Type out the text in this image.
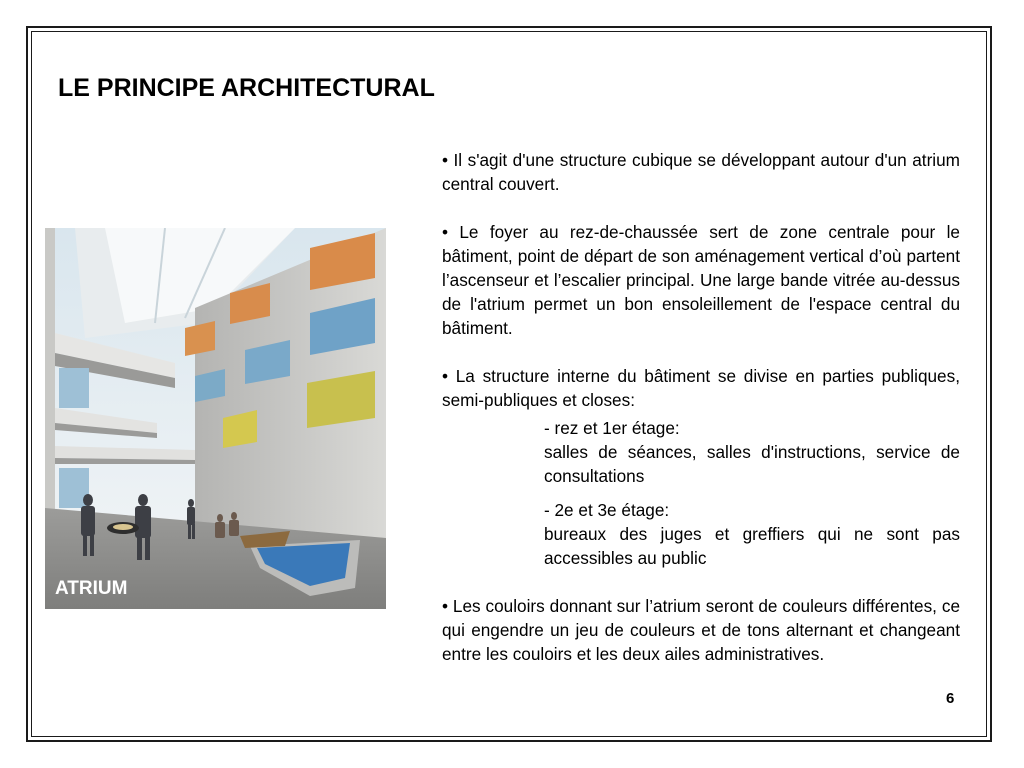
LE PRINCIPE ARCHITECTURAL
ATRIUM

• Il s'agit d'une structure cubique se développant autour d'un atrium central couvert.

• Le foyer au rez-de-chaussée sert de zone centrale pour le bâtiment, point de départ de son aménagement vertical d’où partent l’ascenseur et l’escalier principal. Une large bande vitrée au-dessus de l'atrium permet un bon ensoleillement de l'espace central du bâtiment.

• La structure interne du bâtiment se divise en parties publiques, semi-publiques et closes:

- rez et 1er étage:
salles de séances, salles d'instructions, service de consultations
- 2e et 3e étage:
bureaux des juges et greffiers qui ne sont pas accessibles au public

• Les couloirs donnant sur l’atrium seront de couleurs différentes, ce qui engendre un jeu de couleurs et de tons alternant et changeant entre les couloirs et les deux ailes administratives.

6
